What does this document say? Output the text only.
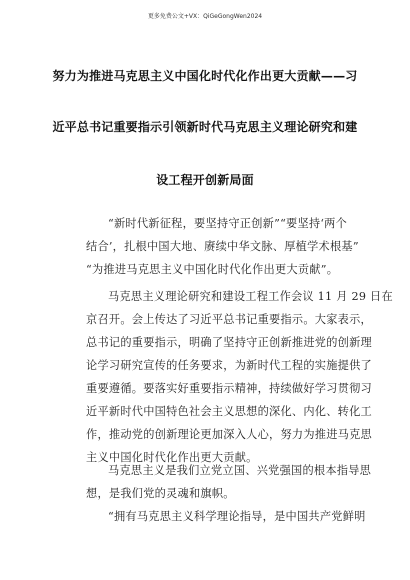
更多免费公文+VX：QiGeGongWen2024
努力为推进马克思主义中国化时代化作出更大贡献——习
近平总书记重要指示引领新时代马克思主义理论研究和建
设工程开创新局面
“新时代新征程，要坚持守正创新”“要坚持‘两个
结合’，扎根中国大地、赓续中华文脉、厚植学术根基”
“为推进马克思主义中国化时代化作出更大贡献”。
马克思主义理论研究和建设工程工作会议 11 月 29 日在
京召开。会上传达了习近平总书记重要指示。大家表示，
总书记的重要指示，明确了坚持守正创新推进党的创新理
论学习研究宣传的任务要求，为新时代工程的实施提供了
重要遵循。要落实好重要指示精神，持续做好学习贯彻习
近平新时代中国特色社会主义思想的深化、内化、转化工
作，推动党的创新理论更加深入人心，努力为推进马克思
主义中国化时代化作出更大贡献。
马克思主义是我们立党立国、兴党强国的根本指导思
想，是我们党的灵魂和旗帜。
“拥有马克思主义科学理论指导，是中国共产党鲜明
